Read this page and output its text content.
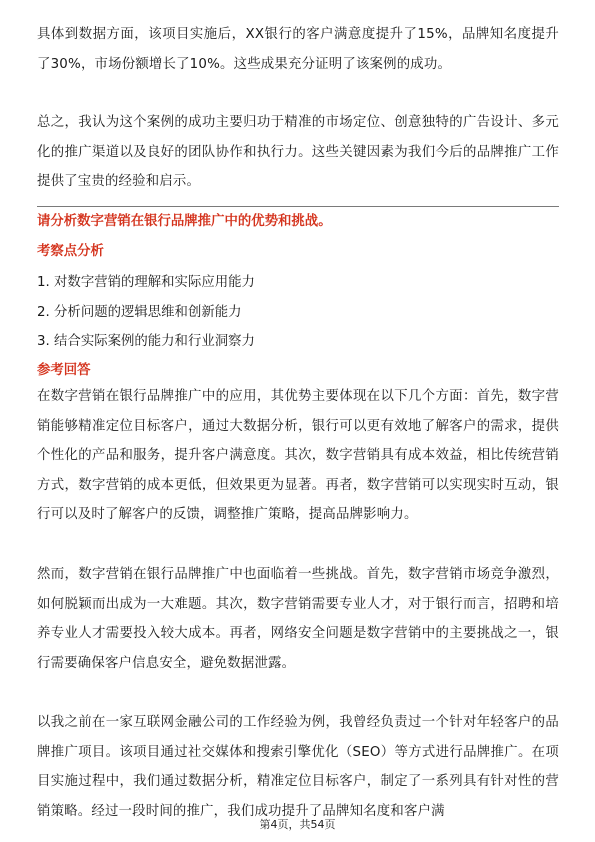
具体到数据方面，该项目实施后，XX银行的客户满意度提升了15%，品牌知名度提升了30%，市场份额增长了10%。这些成果充分证明了该案例的成功。

总之，我认为这个案例的成功主要归功于精准的市场定位、创意独特的广告设计、多元化的推广渠道以及良好的团队协作和执行力。这些关键因素为我们今后的品牌推广工作提供了宝贵的经验和启示。

请分析数字营销在银行品牌推广中的优势和挑战。

考察点分析

1. 对数字营销的理解和实际应用能力
2. 分析问题的逻辑思维和创新能力
3. 结合实际案例的能力和行业洞察力

参考回答

在数字营销在银行品牌推广中的应用，其优势主要体现在以下几个方面：首先，数字营销能够精准定位目标客户，通过大数据分析，银行可以更有效地了解客户的需求，提供个性化的产品和服务，提升客户满意度。其次，数字营销具有成本效益，相比传统营销方式，数字营销的成本更低，但效果更为显著。再者，数字营销可以实现实时互动，银行可以及时了解客户的反馈，调整推广策略，提高品牌影响力。

然而，数字营销在银行品牌推广中也面临着一些挑战。首先，数字营销市场竞争激烈，如何脱颖而出成为一大难题。其次，数字营销需要专业人才，对于银行而言，招聘和培养专业人才需要投入较大成本。再者，网络安全问题是数字营销中的主要挑战之一，银行需要确保客户信息安全，避免数据泄露。

以我之前在一家互联网金融公司的工作经验为例，我曾经负责过一个针对年轻客户的品牌推广项目。该项目通过社交媒体和搜索引擎优化（SEO）等方式进行品牌推广。在项目实施过程中，我们通过数据分析，精准定位目标客户，制定了一系列具有针对性的营销策略。经过一段时间的推广，我们成功提升了品牌知名度和客户满

第4页，共54页
